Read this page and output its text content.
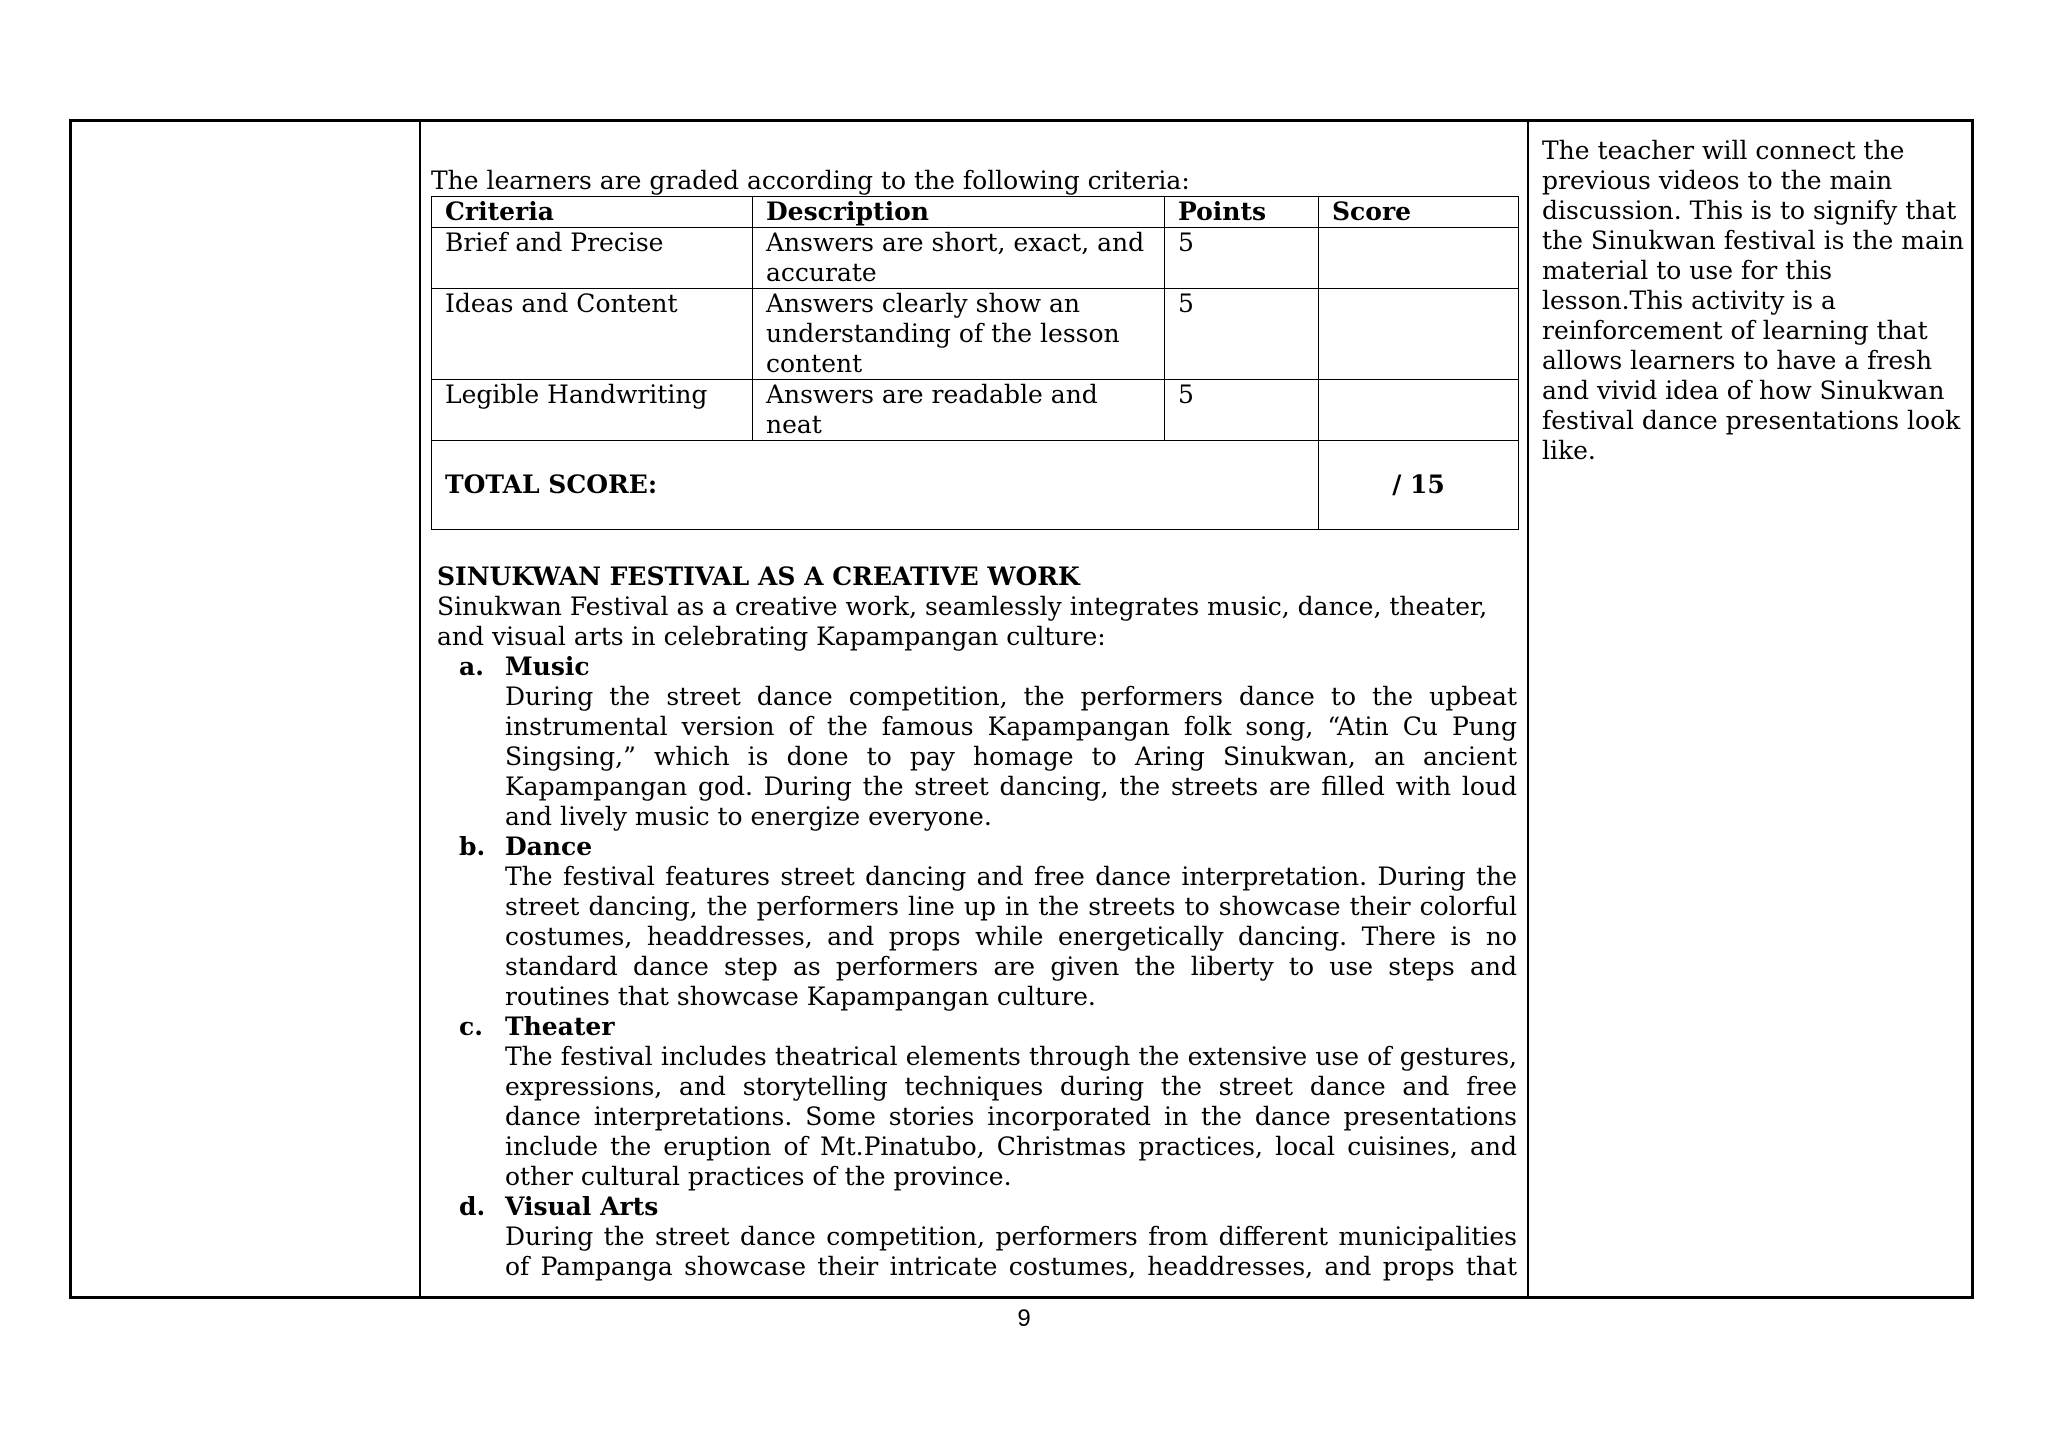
The learners are graded according to the following criteria:
Criteria	Description	Points	Score
Brief and Precise	Answers are short, exact, and accurate	5	
Ideas and Content	Answers clearly show an understanding of the lesson content	5	
Legible Handwriting	Answers are readable and neat	5	
TOTAL SCORE:			/ 15
SINUKWAN FESTIVAL AS A CREATIVE WORK

Sinukwan Festival as a creative work, seamlessly integrates music, dance, theater, and visual arts in celebrating Kapampangan culture:

a. Music
During the street dance competition, the performers dance to the upbeat instrumental version of the famous Kapampangan folk song, “Atin Cu Pung Singsing,” which is done to pay homage to Aring Sinukwan, an ancient Kapampangan god. During the street dancing, the streets are filled with loud and lively music to energize everyone.
b. Dance
The festival features street dancing and free dance interpretation. During the street dancing, the performers line up in the streets to showcase their colorful costumes, headdresses, and props while energetically dancing. There is no standard dance step as performers are given the liberty to use steps and routines that showcase Kapampangan culture.
c. Theater
The festival includes theatrical elements through the extensive use of gestures, expressions, and storytelling techniques during the street dance and free dance interpretations. Some stories incorporated in the dance presentations include the eruption of Mt.Pinatubo, Christmas practices, local cuisines, and other cultural practices of the province.
d. Visual Arts
During the street dance competition, performers from different municipalities of Pampanga showcase their intricate costumes, headdresses, and props that
The teacher will connect the previous videos to the main discussion. This is to signify that the Sinukwan festival is the main material to use for this lesson.This activity is a reinforcement of learning that allows learners to have a fresh and vivid idea of how Sinukwan festival dance presentations look like.
9
